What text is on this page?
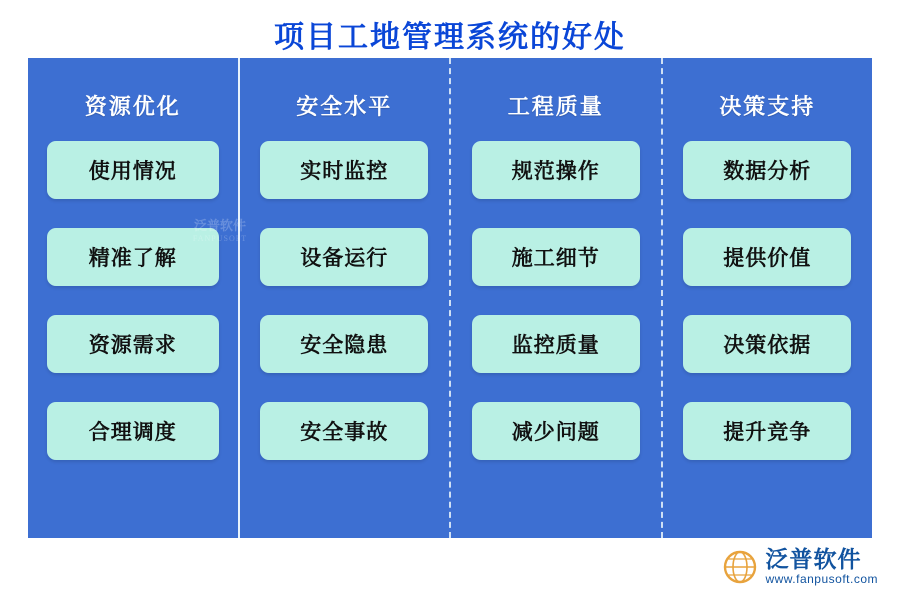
项目工地管理系统的好处
资源优化
使用情况
精准了解
资源需求
合理调度
泛普软件
FANPUSOFT
安全水平
实时监控
设备运行
安全隐患
安全事故
工程质量
规范操作
施工细节
监控质量
减少问题
决策支持
数据分析
提供价值
决策依据
提升竞争
泛普软件
www.fanpusoft.com
